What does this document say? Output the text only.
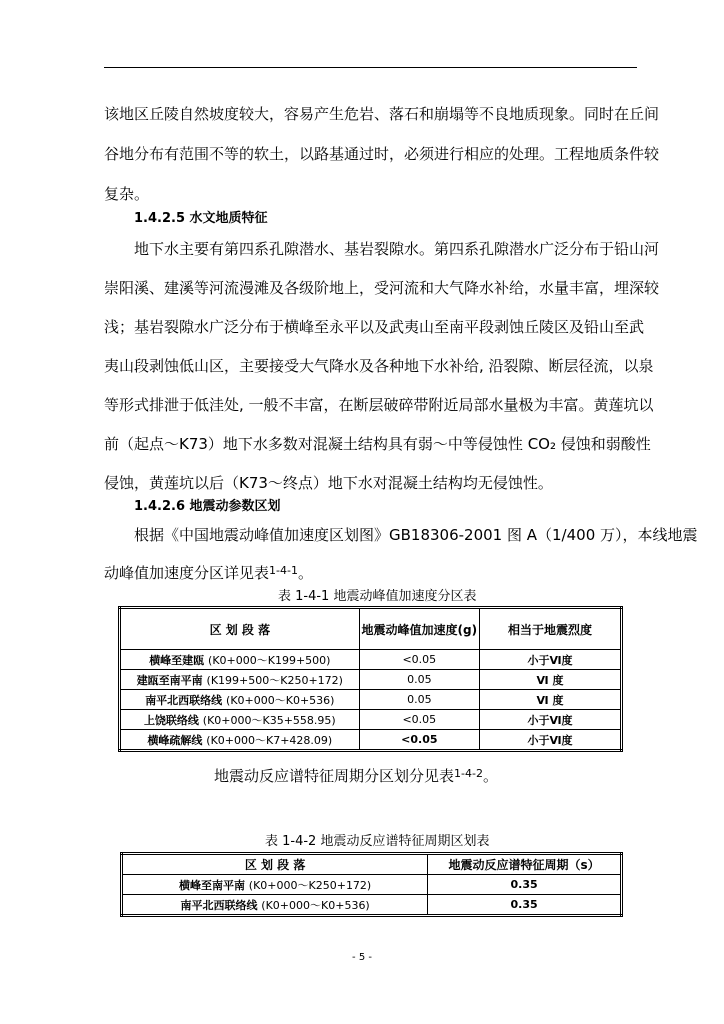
该地区丘陵自然坡度较大，容易产生危岩、落石和崩塌等不良地质现象。同时在丘间
谷地分布有范围不等的软土，以路基通过时，必须进行相应的处理。工程地质条件较
复杂。
1.4.2.5 水文地质特征
地下水主要有第四系孔隙潜水、基岩裂隙水。第四系孔隙潜水广泛分布于铅山河
崇阳溪、建溪等河流漫滩及各级阶地上，受河流和大气降水补给，水量丰富，埋深较
浅；基岩裂隙水广泛分布于横峰至永平以及武夷山至南平段剥蚀丘陵区及铅山至武
夷山段剥蚀低山区，主要接受大气降水及各种地下水补给, 沿裂隙、断层径流，以泉
等形式排泄于低洼处, 一般不丰富，在断层破碎带附近局部水量极为丰富。黄莲坑以
前（起点～K73）地下水多数对混凝土结构具有弱～中等侵蚀性 CO₂ 侵蚀和弱酸性
侵蚀，黄莲坑以后（K73～终点）地下水对混凝土结构均无侵蚀性。
1.4.2.6 地震动参数区划
根据《中国地震动峰值加速度区划图》GB18306-2001 图 A（1/400 万），本线地震
动峰值加速度分区详见表$^{1-4-1}$。
表 1-4-1 地震动峰值加速度分区表
区 划 段 落	地震动峰值加速度(g)	相当于地震烈度
横峰至建瓯 (K0+000～K199+500)	<0.05	小于Ⅵ度
建瓯至南平南 (K199+500～K250+172)	0.05	Ⅵ 度
南平北西联络线 (K0+000～K0+536)	0.05	Ⅵ 度
上饶联络线 (K0+000～K35+558.95)	<0.05	小于Ⅵ度
横峰疏解线 (K0+000～K7+428.09)	<0.05	小于Ⅵ度
地震动反应谱特征周期分区划分见表$^{1-4-2}$。
表 1-4-2 地震动反应谱特征周期区划表
区 划 段 落	地震动反应谱特征周期（s）
横峰至南平南 (K0+000～K250+172)	0.35
南平北西联络线 (K0+000～K0+536)	0.35
- 5 -
